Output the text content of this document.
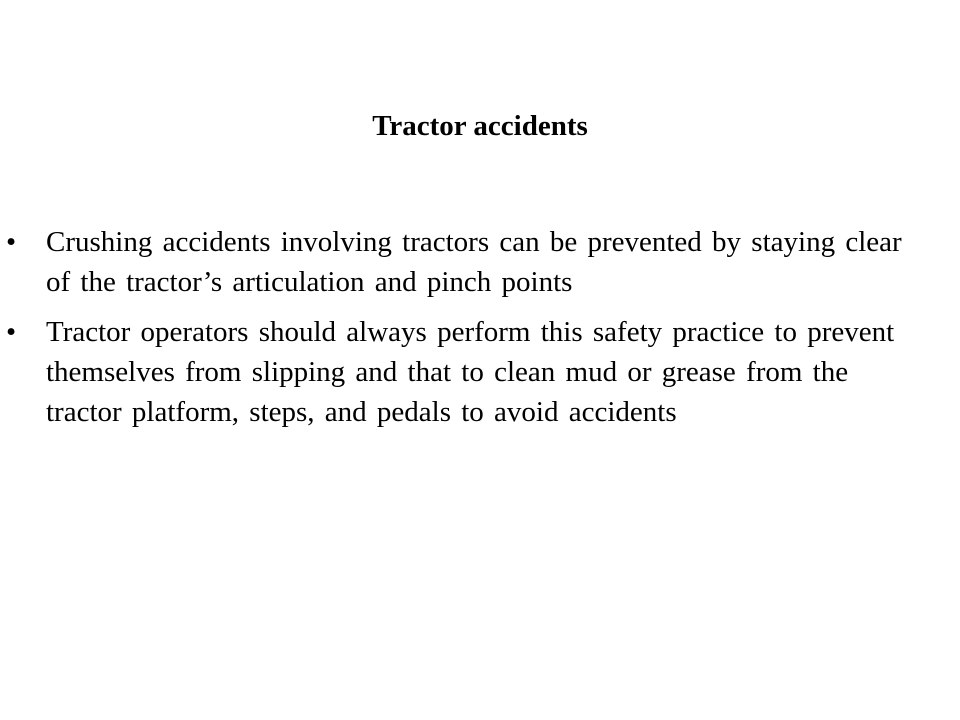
Tractor accidents
• Crushing accidents involving tractors can be prevented by staying clear of the tractor’s articulation and pinch points
• Tractor operators should always perform this safety practice to prevent themselves from slipping and that to clean mud or grease from the tractor platform, steps, and pedals to avoid accidents
